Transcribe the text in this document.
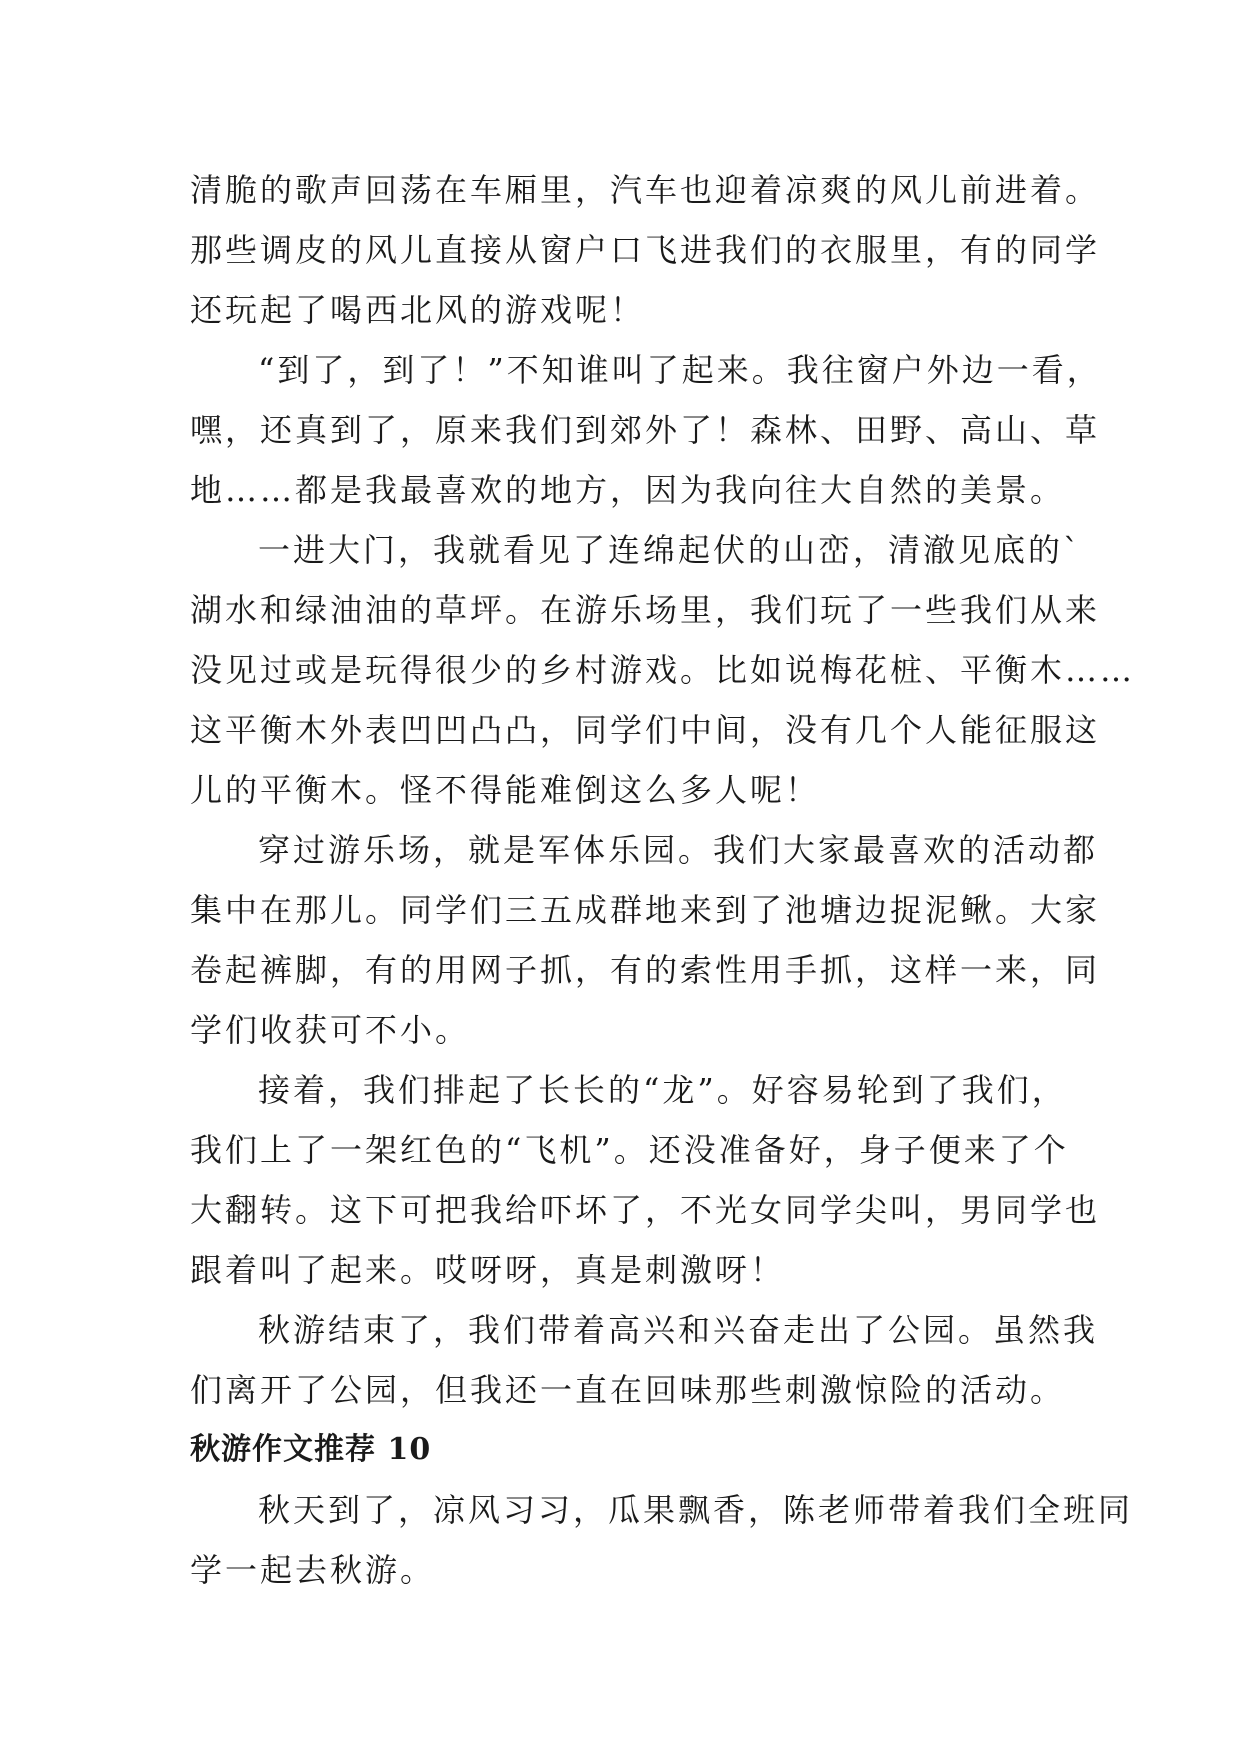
清脆的歌声回荡在车厢里，汽车也迎着凉爽的风儿前进着。
那些调皮的风儿直接从窗户口飞进我们的衣服里，有的同学
还玩起了喝西北风的游戏呢！

“到了，到了！”不知谁叫了起来。我往窗户外边一看，
嘿，还真到了，原来我们到郊外了！森林、田野、高山、草
地……都是我最喜欢的地方，因为我向往大自然的美景。

一进大门，我就看见了连绵起伏的山峦，清澈见底的`
湖水和绿油油的草坪。在游乐场里，我们玩了一些我们从来
没见过或是玩得很少的乡村游戏。比如说梅花桩、平衡木……
这平衡木外表凹凹凸凸，同学们中间，没有几个人能征服这
儿的平衡木。怪不得能难倒这么多人呢！

穿过游乐场，就是军体乐园。我们大家最喜欢的活动都
集中在那儿。同学们三五成群地来到了池塘边捉泥鳅。大家
卷起裤脚，有的用网子抓，有的索性用手抓，这样一来，同
学们收获可不小。

接着，我们排起了长长的“龙”。好容易轮到了我们，
我们上了一架红色的“飞机”。还没准备好，身子便来了个
大翻转。这下可把我给吓坏了，不光女同学尖叫，男同学也
跟着叫了起来。哎呀呀，真是刺激呀！

秋游结束了，我们带着高兴和兴奋走出了公园。虽然我
们离开了公园，但我还一直在回味那些刺激惊险的活动。

秋游作文推荐 10

秋天到了，凉风习习，瓜果飘香，陈老师带着我们全班同
学一起去秋游。
